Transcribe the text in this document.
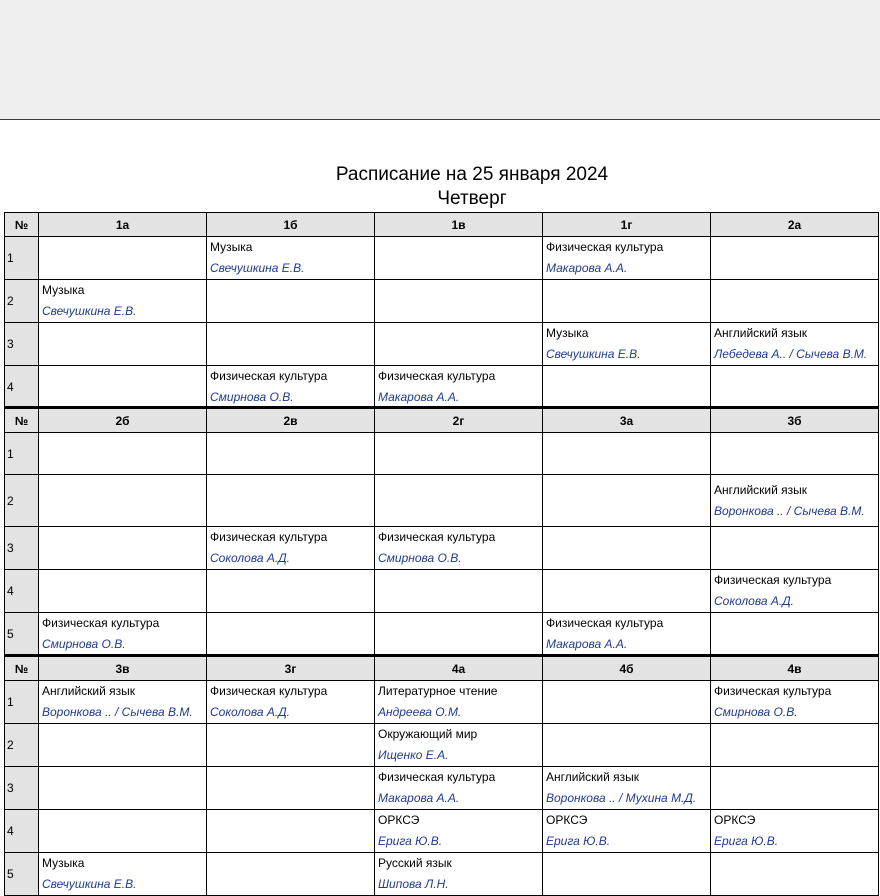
Расписание на 25 января 2024
Четверг
№	1а	1б	1в	1г	2а
1		Музыка
Свечушкина Е.В.		Физическая культура
Макарова А.А.	

2	Музыка
Свечушкина Е.В.				

3				Музыка
Свечушкина Е.В.	Английский язык
Лебедева А.. / Сычева В.М.

4		Физическая культура
Смирнова О.В.	Физическая культура
Макарова А.А.		

№	2б	2в	2г	3а	3б
1					
2					Английский язык
Воронкова .. / Сычева В.М.

3		Физическая культура
Соколова А.Д.	Физическая культура
Смирнова О.В.		

4					Физическая культура
Соколова А.Д.

5	Физическая культура
Смирнова О.В.			Физическая культура
Макарова А.А.	

№	3в	3г	4а	4б	4в
1	Английский язык
Воронкова .. / Сычева В.М.	Физическая культура
Соколова А.Д.	Литературное чтение
Андреева О.М.		Физическая культура
Смирнова О.В.

2			Окружающий мир
Ищенко Е.А.		

3			Физическая культура
Макарова А.А.	Английский язык
Воронкова .. / Мухина М.Д.	

4			ОРКСЭ
Ерига Ю.В.	ОРКСЭ
Ерига Ю.В.	ОРКСЭ
Ерига Ю.В.

5	Музыка
Свечушкина Е.В.		Русский язык
Шипова Л.Н.		
